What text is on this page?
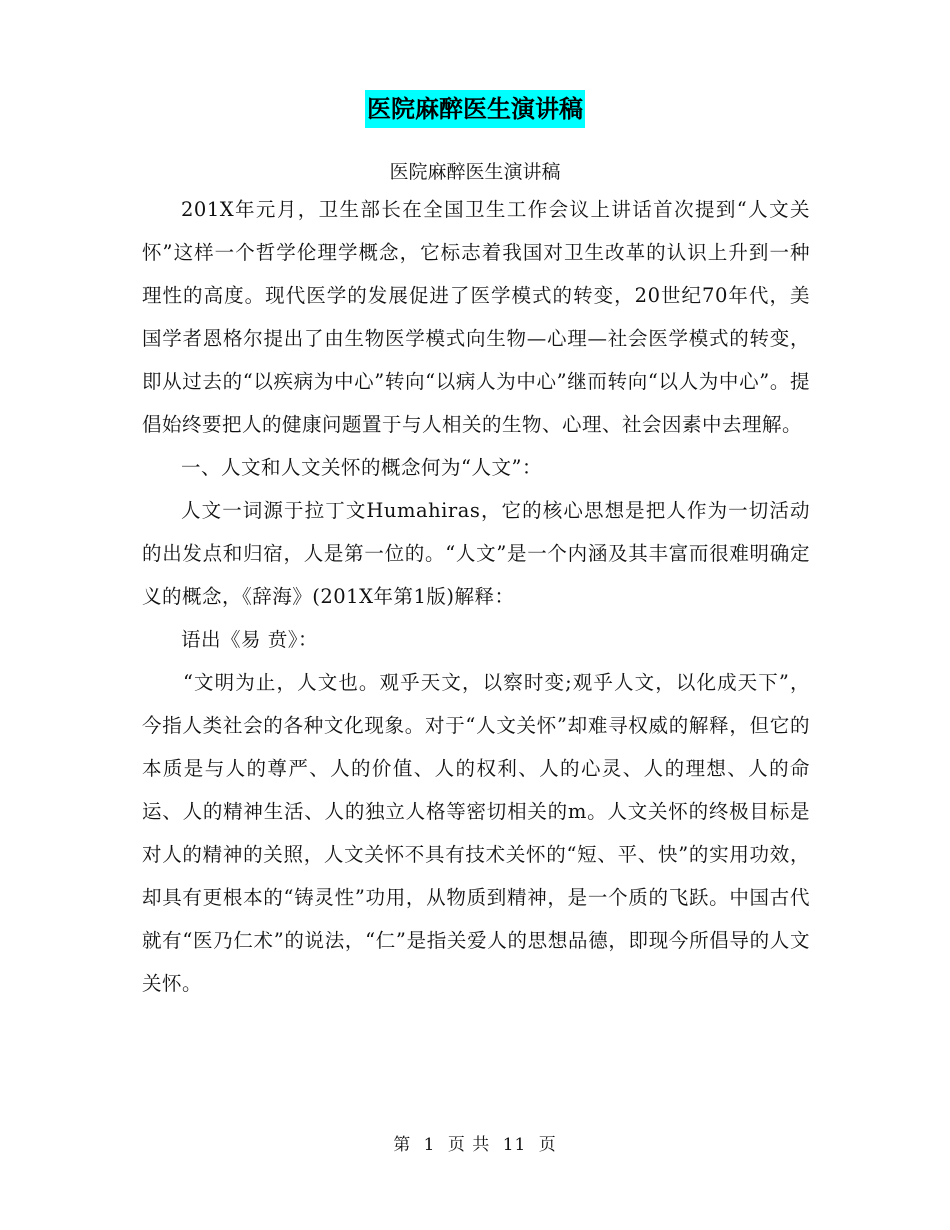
医院麻醉医生演讲稿
医院麻醉医生演讲稿

201X年元月，卫生部长在全国卫生工作会议上讲话首次提到“人文关怀”这样一个哲学伦理学概念，它标志着我国对卫生改革的认识上升到一种理性的高度。现代医学的发展促进了医学模式的转变，20世纪70年代，美国学者恩格尔提出了由生物医学模式向生物—心理—社会医学模式的转变，即从过去的“以疾病为中心”转向“以病人为中心”继而转向“以人为中心”。提倡始终要把人的健康问题置于与人相关的生物、心理、社会因素中去理解。

一、人文和人文关怀的概念何为“人文”：

人文一词源于拉丁文Humahiras，它的核心思想是把人作为一切活动的出发点和归宿，人是第一位的。“人文”是一个内涵及其丰富而很难明确定义的概念，《辞海》(201X年第1版)解释：

语出《易 贲》：

“文明为止，人文也。观乎天文，以察时变;观乎人文，以化成天下”，今指人类社会的各种文化现象。对于“人文关怀”却难寻权威的解释，但它的本质是与人的尊严、人的价值、人的权利、人的心灵、人的理想、人的命运、人的精神生活、人的独立人格等密切相关的m。人文关怀的终极目标是对人的精神的关照，人文关怀不具有技术关怀的“短、平、快”的实用功效，却具有更根本的“铸灵性”功用，从物质到精神，是一个质的飞跃。中国古代就有“医乃仁术”的说法，“仁”是指关爱人的思想品德，即现今所倡导的人文关怀。

第 1 页 共 11 页
